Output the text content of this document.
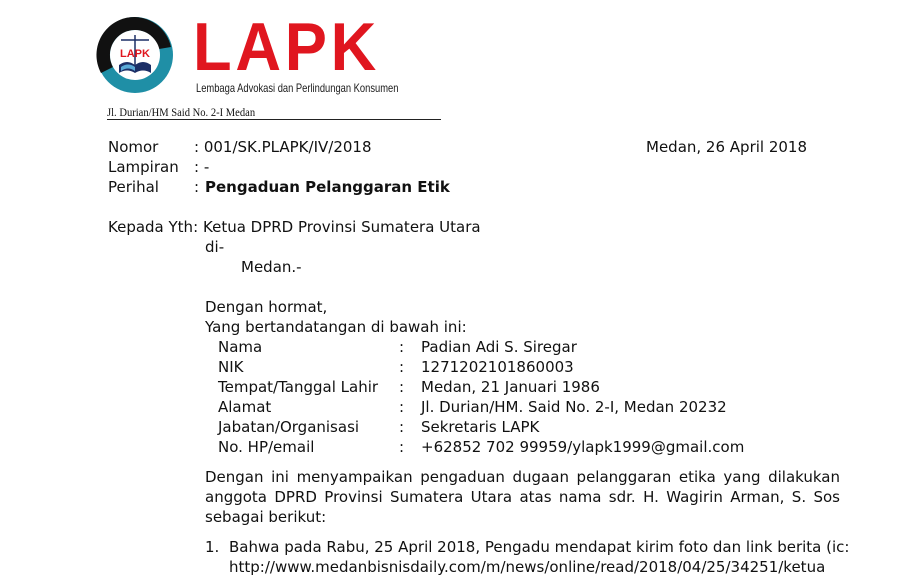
LAPK LAPK
Lembaga Advokasi dan Perlindungan Konsumen
Jl. Durian/HM Said No. 2-I Medan
Nomor : 001/SK.PLAPK/IV/2018	Medan, 26 April 2018
Lampiran : -
Perihal : Pengaduan Pelanggaran Etik
Kepada Yth: Ketua DPRD Provinsi Sumatera Utara
di-
Medan.-
Dengan hormat,
Yang bertandatangan di bawah ini:
Nama	: Padian Adi S. Siregar
NIK	: 1271202101860003
Tempat/Tanggal Lahir : Medan, 21 Januari 1986
Alamat	: Jl. Durian/HM. Said No. 2-I, Medan 20232
Jabatan/Organisasi	: Sekretaris LAPK
No. HP/email	: +62852 702 99959/ylapk1999@gmail.com
Dengan ini menyampaikan pengaduan dugaan pelanggaran etika yang dilakukan
anggota DPRD Provinsi Sumatera Utara atas nama sdr. H. Wagirin Arman, S. Sos
sebagai berikut:
1. Bahwa pada Rabu, 25 April 2018, Pengadu mendapat kirim foto dan link berita (ic:
http://www.medanbisnisdaily.com/m/news/online/read/2018/04/25/34251/ketua
